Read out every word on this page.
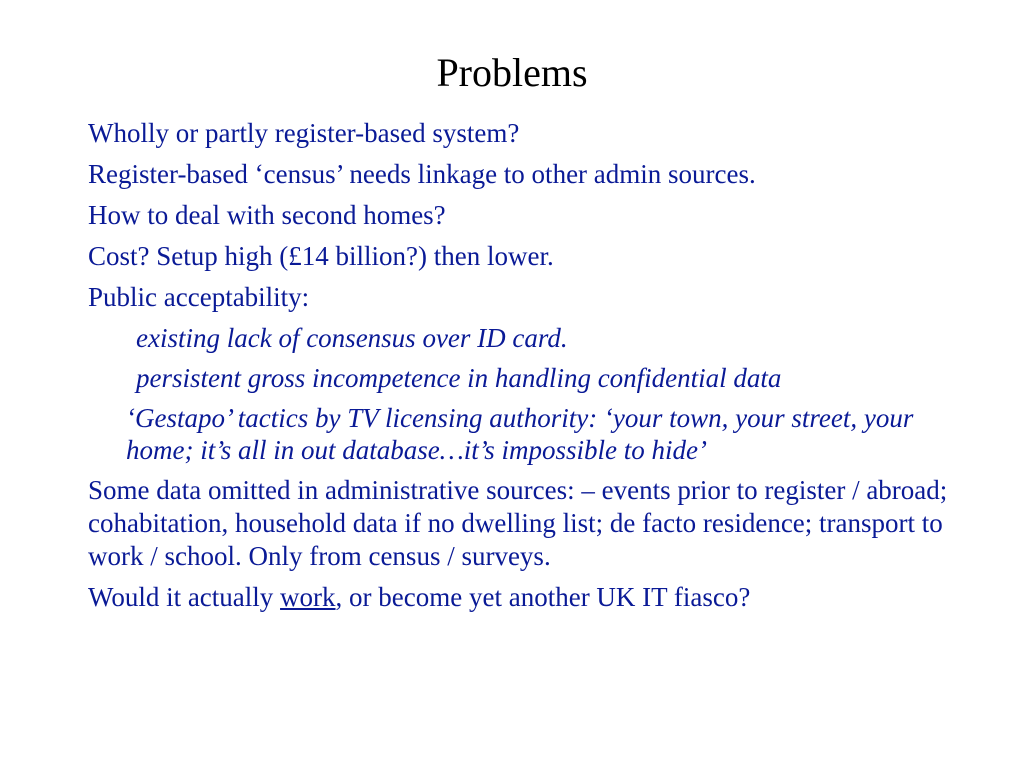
Problems

Wholly or partly register-based system?

Register-based ‘census’ needs linkage to other admin sources.

How to deal with second homes?

Cost? Setup high (£14 billion?) then lower.

Public acceptability:

existing lack of consensus over ID card.

persistent gross incompetence in handling confidential data

‘Gestapo’ tactics by TV licensing authority: ‘your town, your street, your home; it’s all in out database…it’s impossible to hide’

Some data omitted in administrative sources: – events prior to register / abroad; cohabitation, household data if no dwelling list; de facto residence; transport to work / school. Only from census / surveys.

Would it actually work, or become yet another UK IT fiasco?
